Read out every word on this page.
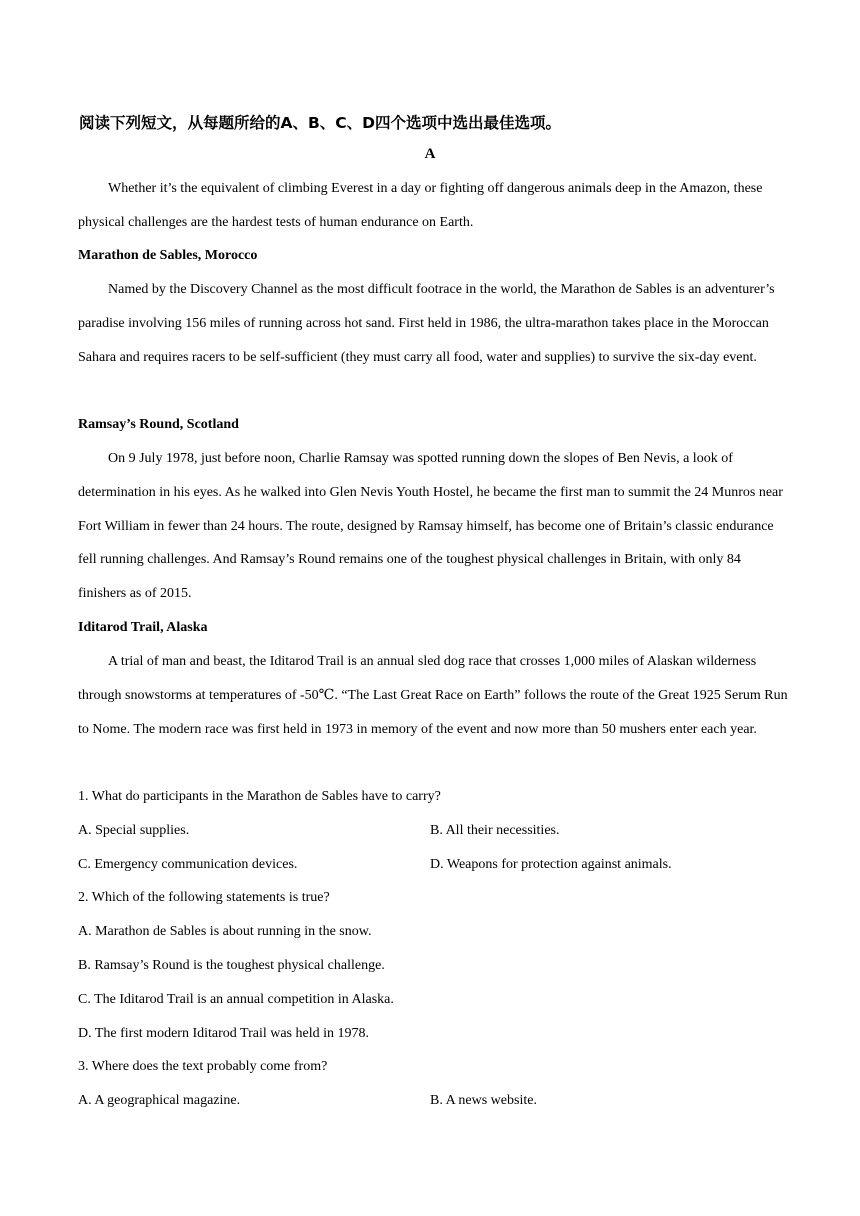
阅读下列短文，从每题所给的A、B、C、D四个选项中选出最佳选项。
A
Whether it’s the equivalent of climbing Everest in a day or fighting off dangerous animals deep in the Amazon, these physical challenges are the hardest tests of human endurance on Earth.
Marathon de Sables, Morocco
Named by the Discovery Channel as the most difficult footrace in the world, the Marathon de Sables is an adventurer’s paradise involving 156 miles of running across hot sand. First held in 1986, the ultra-marathon takes place in the Moroccan Sahara and requires racers to be self-sufficient (they must carry all food, water and supplies) to survive the six-day event.
Ramsay’s Round, Scotland
On 9 July 1978, just before noon, Charlie Ramsay was spotted running down the slopes of Ben Nevis, a look of determination in his eyes. As he walked into Glen Nevis Youth Hostel, he became the first man to summit the 24 Munros near Fort William in fewer than 24 hours. The route, designed by Ramsay himself, has become one of Britain’s classic endurance fell running challenges. And Ramsay’s Round remains one of the toughest physical challenges in Britain, with only 84 finishers as of 2015.
Iditarod Trail, Alaska
A trial of man and beast, the Iditarod Trail is an annual sled dog race that crosses 1,000 miles of Alaskan wilderness through snowstorms at temperatures of -50℃. “The Last Great Race on Earth” follows the route of the Great 1925 Serum Run to Nome. The modern race was first held in 1973 in memory of the event and now more than 50 mushers enter each year.
1. What do participants in the Marathon de Sables have to carry?
A. Special supplies.	B. All their necessities.
C. Emergency communication devices.	D. Weapons for protection against animals.
2. Which of the following statements is true?
A. Marathon de Sables is about running in the snow.
B. Ramsay’s Round is the toughest physical challenge.
C. The Iditarod Trail is an annual competition in Alaska.
D. The first modern Iditarod Trail was held in 1978.
3. Where does the text probably come from?
A. A geographical magazine.	B. A news website.
